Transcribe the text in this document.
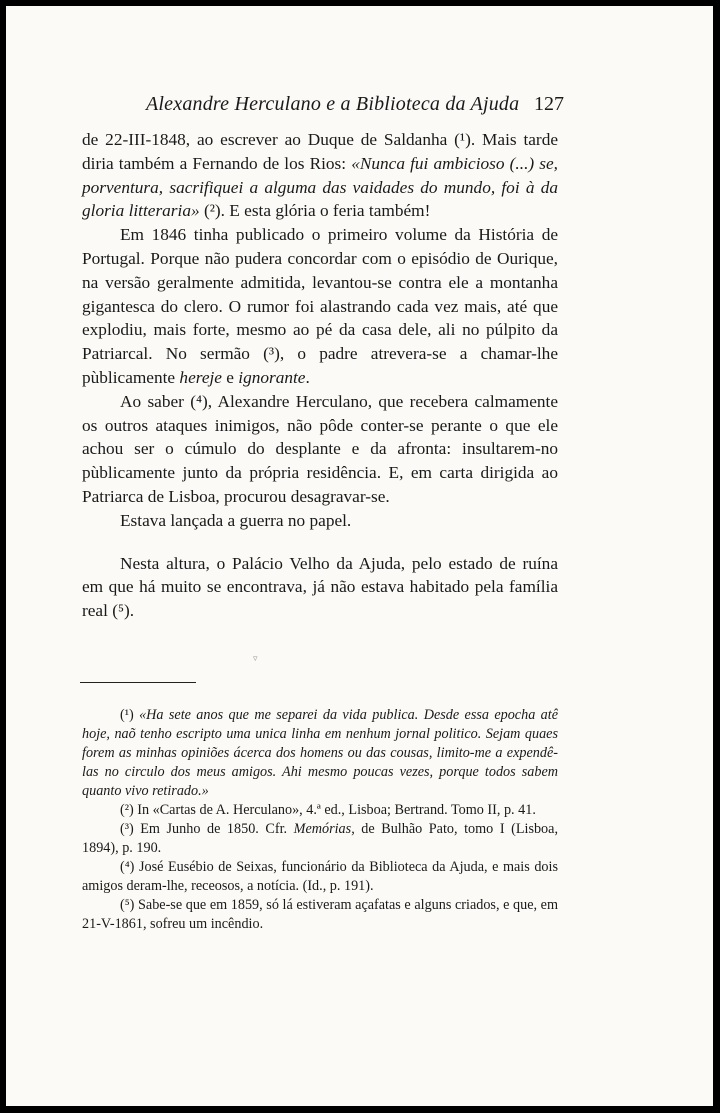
Alexandre Herculano e a Biblioteca da Ajuda 127

de 22-III-1848, ao escrever ao Duque de Saldanha (¹). Mais tarde diria também a Fernando de los Rios: «Nunca fui ambicioso (...) se, porventura, sacrifiquei a alguma das vaidades do mundo, foi à da gloria litteraria» (²). E esta glória o feria também!

Em 1846 tinha publicado o primeiro volume da História de Portugal. Porque não pudera concordar com o episódio de Ourique, na versão geralmente admitida, levantou-se contra ele a montanha gigantesca do clero. O rumor foi alastrando cada vez mais, até que explodiu, mais forte, mesmo ao pé da casa dele, ali no púlpito da Patriarcal. No sermão (³), o padre atrevera-se a chamar-lhe pùblicamente hereje e ignorante.

Ao saber (⁴), Alexandre Herculano, que recebera calmamente os outros ataques inimigos, não pôde conter-se perante o que ele achou ser o cúmulo do desplante e da afronta: insultarem-no pùblicamente junto da própria residência. E, em carta dirigida ao Patriarca de Lisboa, procurou desagravar-se.

Estava lançada a guerra no papel.

Nesta altura, o Palácio Velho da Ajuda, pelo estado de ruína em que há muito se encontrava, já não estava habitado pela família real (⁵).

▿

(¹) «Ha sete anos que me separei da vida publica. Desde essa epocha atê hoje, naõ tenho escripto uma unica linha em nenhum jornal politico. Sejam quaes forem as minhas opiniões ácerca dos homens ou das cousas, limito-me a expendê-las no circulo dos meus amigos. Ahi mesmo poucas vezes, porque todos sabem quanto vivo retirado.»

(²) In «Cartas de A. Herculano», 4.ª ed., Lisboa; Bertrand. Tomo II, p. 41.

(³) Em Junho de 1850. Cfr. Memórias, de Bulhão Pato, tomo I (Lisboa, 1894), p. 190.

(⁴) José Eusébio de Seixas, funcionário da Biblioteca da Ajuda, e mais dois amigos deram-lhe, receosos, a notícia. (Id., p. 191).

(⁵) Sabe-se que em 1859, só lá estiveram açafatas e alguns criados, e que, em 21-V-1861, sofreu um incêndio.
